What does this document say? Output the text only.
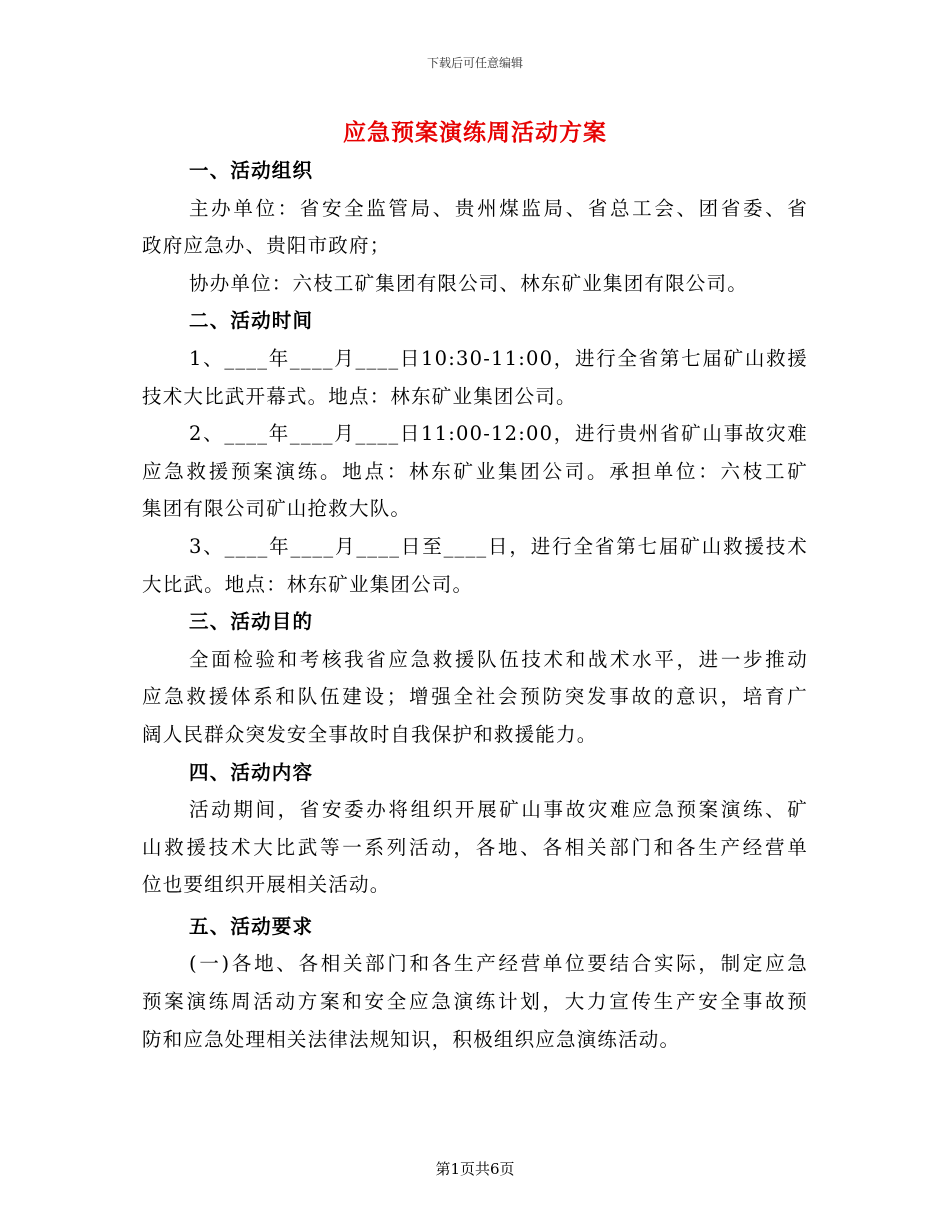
下载后可任意编辑
应急预案演练周活动方案
一、活动组织
主办单位：省安全监管局、贵州煤监局、省总工会、团省委、省
政府应急办、贵阳市政府；
协办单位：六枝工矿集团有限公司、林东矿业集团有限公司。
二、活动时间
1、____年____月____日10:30-11:00，进行全省第七届矿山救援
技术大比武开幕式。地点：林东矿业集团公司。
2、____年____月____日11:00-12:00，进行贵州省矿山事故灾难
应急救援预案演练。地点：林东矿业集团公司。承担单位：六枝工矿
集团有限公司矿山抢救大队。
3、____年____月____日至____日，进行全省第七届矿山救援技术
大比武。地点：林东矿业集团公司。
三、活动目的
全面检验和考核我省应急救援队伍技术和战术水平，进一步推动
应急救援体系和队伍建设；增强全社会预防突发事故的意识，培育广
阔人民群众突发安全事故时自我保护和救援能力。
四、活动内容
活动期间，省安委办将组织开展矿山事故灾难应急预案演练、矿
山救援技术大比武等一系列活动，各地、各相关部门和各生产经营单
位也要组织开展相关活动。
五、活动要求
(一)各地、各相关部门和各生产经营单位要结合实际，制定应急
预案演练周活动方案和安全应急演练计划，大力宣传生产安全事故预
防和应急处理相关法律法规知识，积极组织应急演练活动。
第1页共6页
